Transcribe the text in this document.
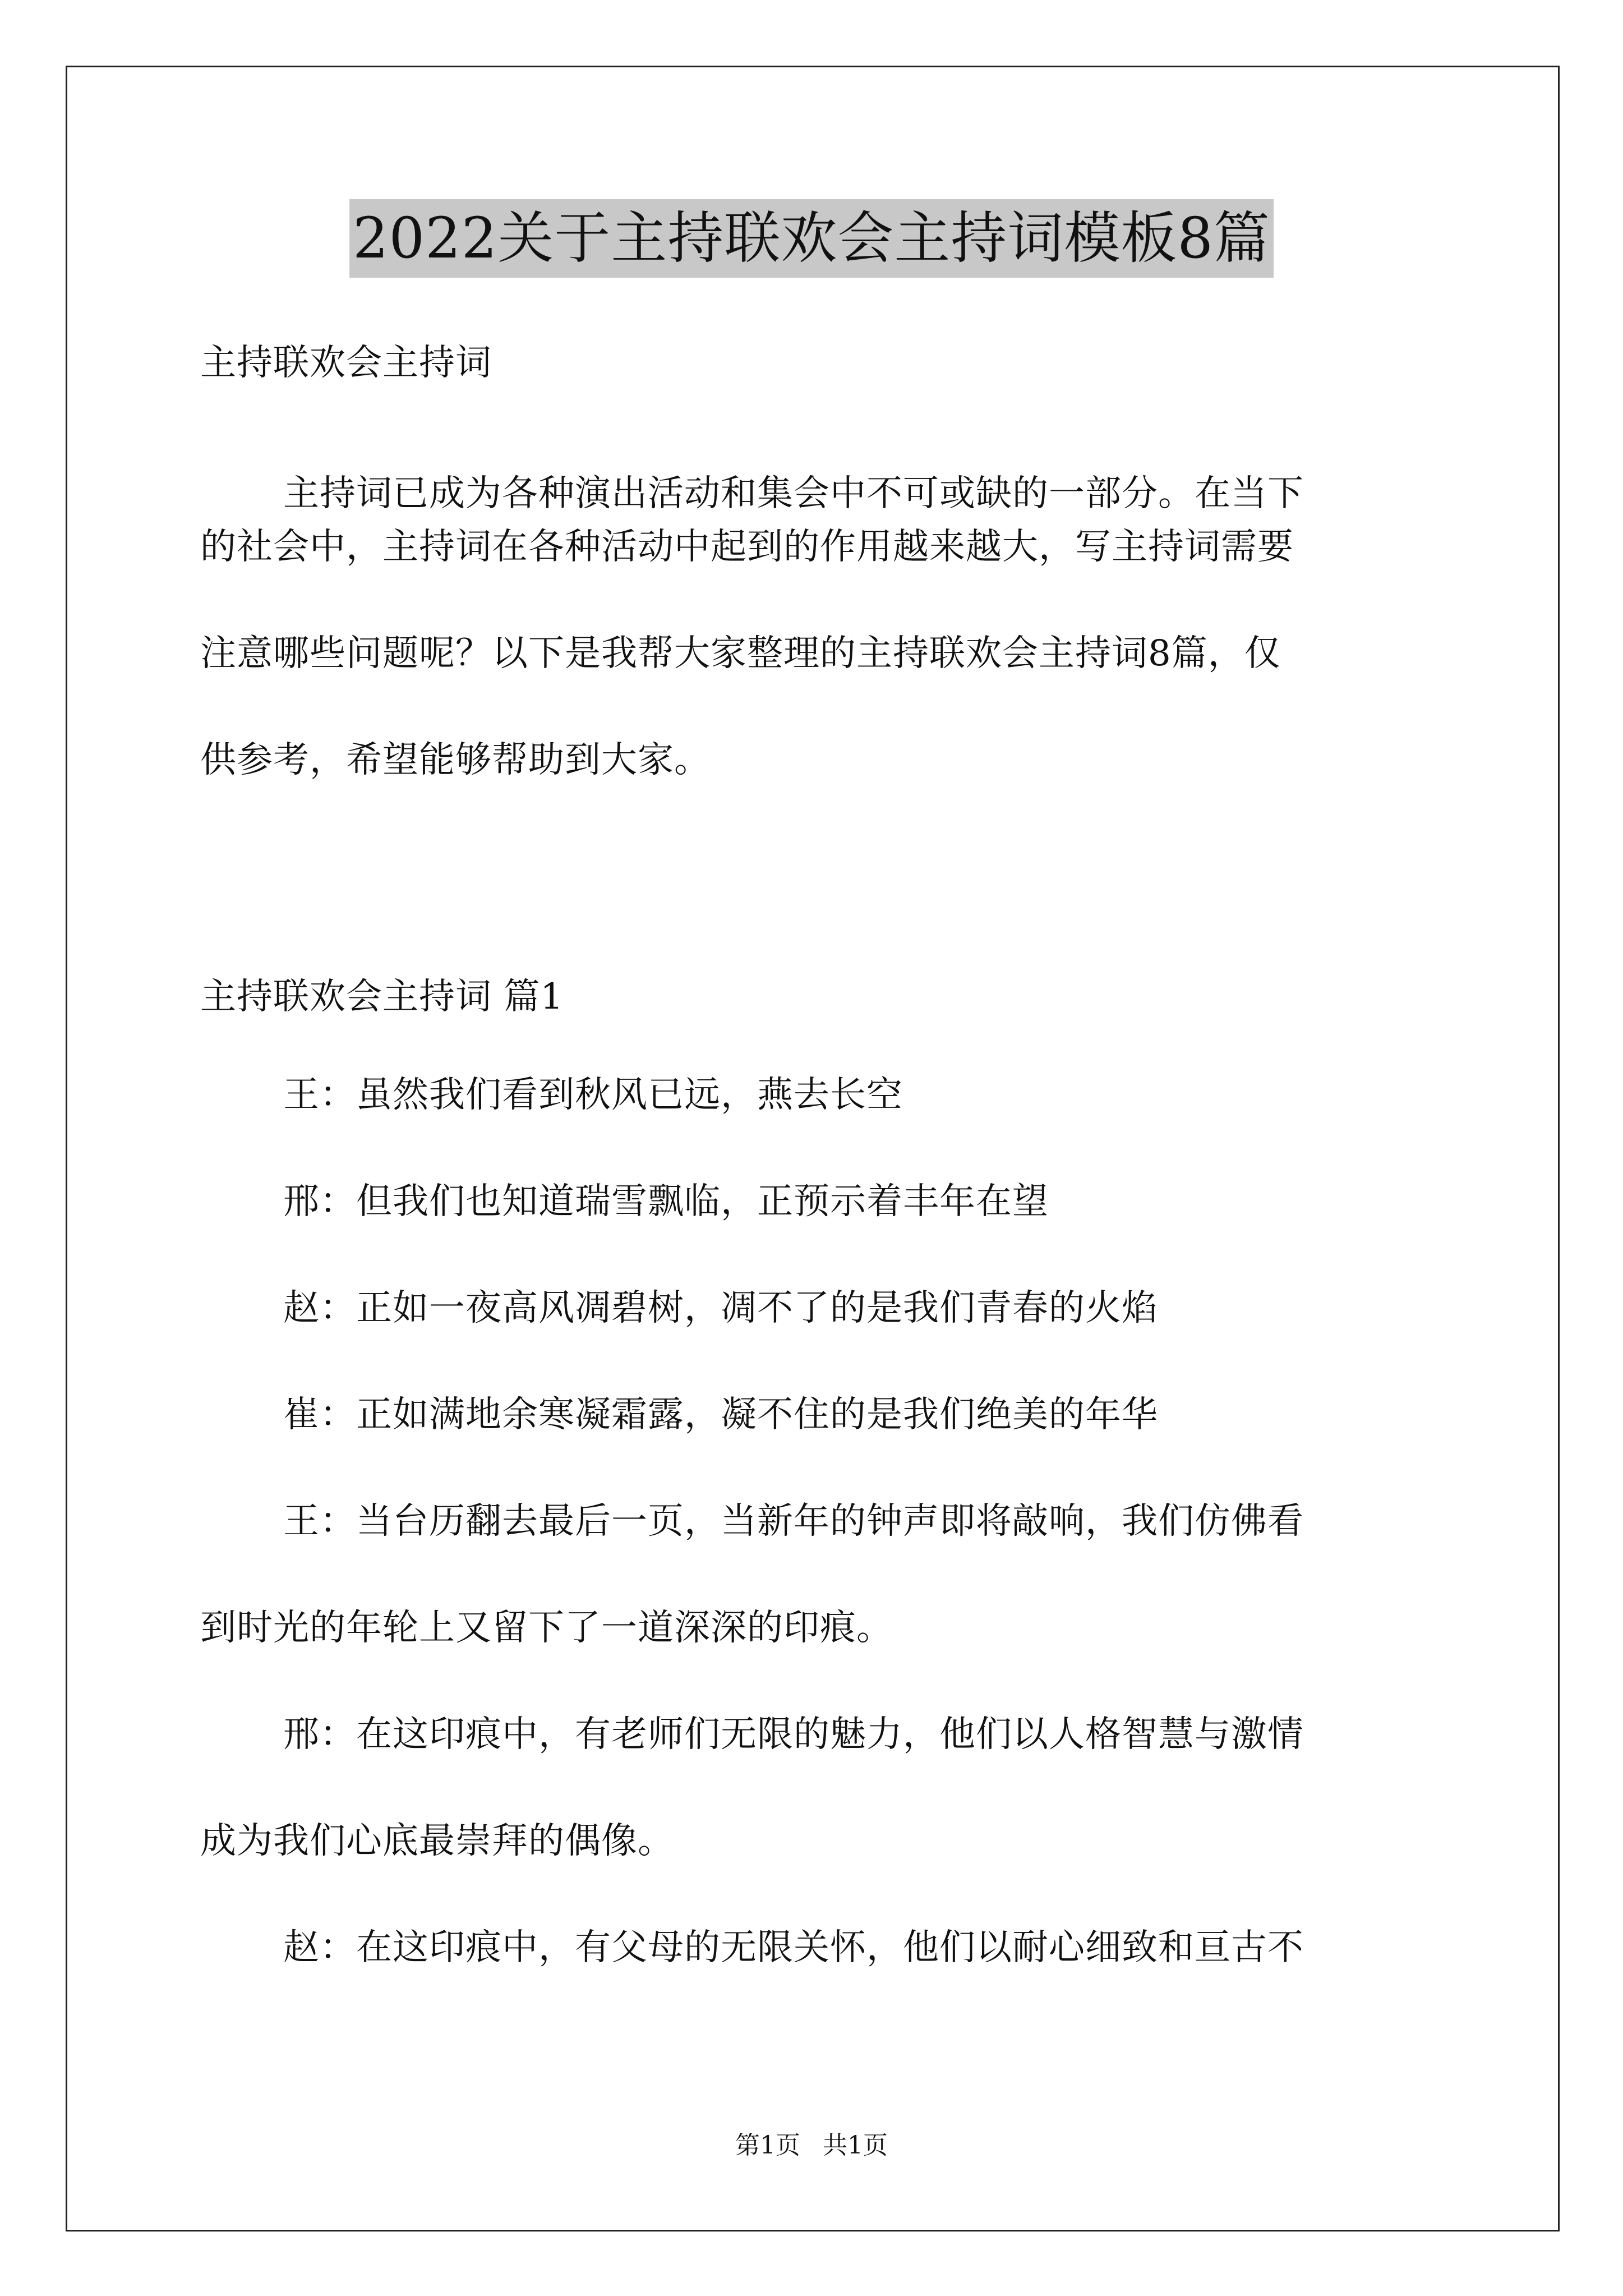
2022关于主持联欢会主持词模板8篇

主持联欢会主持词

主持词已成为各种演出活动和集会中不可或缺的一部分。在当下

的社会中，主持词在各种活动中起到的作用越来越大，写主持词需要

注意哪些问题呢？以下是我帮大家整理的主持联欢会主持词8篇，仅

供参考，希望能够帮助到大家。

主持联欢会主持词 篇1

王：虽然我们看到秋风已远，燕去长空

邢：但我们也知道瑞雪飘临，正预示着丰年在望

赵：正如一夜高风凋碧树，凋不了的是我们青春的火焰

崔：正如满地余寒凝霜露，凝不住的是我们绝美的年华

王：当台历翻去最后一页，当新年的钟声即将敲响，我们仿佛看

到时光的年轮上又留下了一道深深的印痕。

邢：在这印痕中，有老师们无限的魅力，他们以人格智慧与激情

成为我们心底最崇拜的偶像。

赵：在这印痕中，有父母的无限关怀，他们以耐心细致和亘古不

第1页 共1页
